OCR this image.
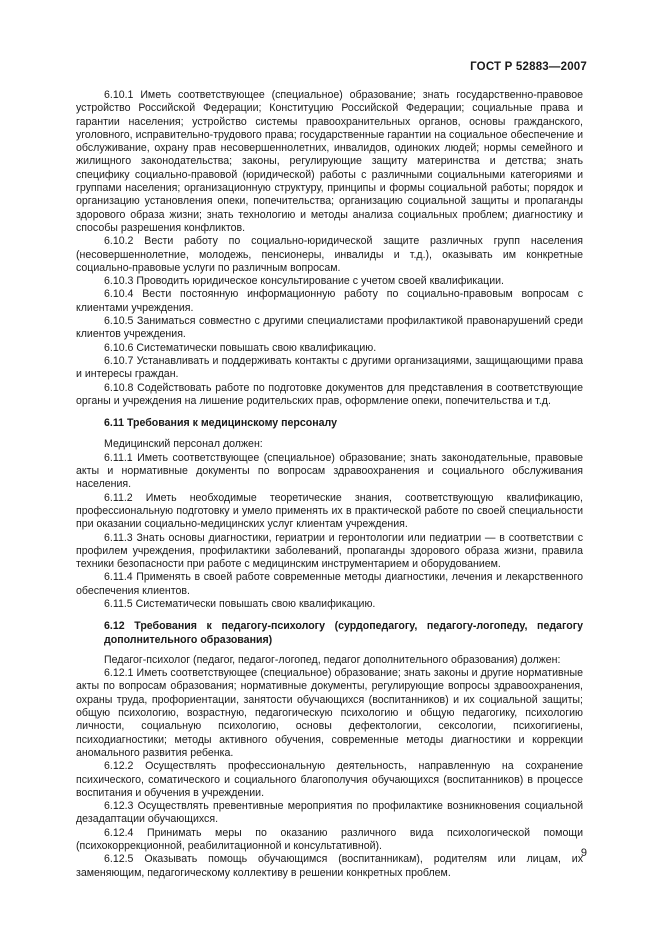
ГОСТ Р 52883—2007

6.10.1 Иметь соответствующее (специальное) образование; знать государственно-правовое устройство Российской Федерации; Конституцию Российской Федерации; социальные права и гарантии населения; устройство системы правоохранительных органов, основы гражданского, уголовного, исправительно-трудового права; государственные гарантии на социальное обеспечение и обслуживание, охрану прав несовершеннолетних, инвалидов, одиноких людей; нормы семейного и жилищного законодательства; законы, регулирующие защиту материнства и детства; знать специфику социально-правовой (юридической) работы с различными социальными категориями и группами населения; организационную структуру, принципы и формы социальной работы; порядок и организацию установления опеки, попечительства; организацию социальной защиты и пропаганды здорового образа жизни; знать технологию и методы анализа социальных проблем; диагностику и способы разрешения конфликтов.

6.10.2 Вести работу по социально-юридической защите различных групп населения (несовершеннолетние, молодежь, пенсионеры, инвалиды и т.д.), оказывать им конкретные социально-правовые услуги по различным вопросам.

6.10.3 Проводить юридическое консультирование с учетом своей квалификации.

6.10.4 Вести постоянную информационную работу по социально-правовым вопросам с клиентами учреждения.

6.10.5 Заниматься совместно с другими специалистами профилактикой правонарушений среди клиентов учреждения.

6.10.6 Систематически повышать свою квалификацию.

6.10.7 Устанавливать и поддерживать контакты с другими организациями, защищающими права и интересы граждан.

6.10.8 Содействовать работе по подготовке документов для представления в соответствующие органы и учреждения на лишение родительских прав, оформление опеки, попечительства и т.д.

6.11 Требования к медицинскому персоналу

Медицинский персонал должен:

6.11.1 Иметь соответствующее (специальное) образование; знать законодательные, правовые акты и нормативные документы по вопросам здравоохранения и социального обслуживания населения.

6.11.2 Иметь необходимые теоретические знания, соответствующую квалификацию, профессиональную подготовку и умело применять их в практической работе по своей специальности при оказании социально-медицинских услуг клиентам учреждения.

6.11.3 Знать основы диагностики, гериатрии и геронтологии или педиатрии — в соответствии с профилем учреждения, профилактики заболеваний, пропаганды здорового образа жизни, правила техники безопасности при работе с медицинским инструментарием и оборудованием.

6.11.4 Применять в своей работе современные методы диагностики, лечения и лекарственного обеспечения клиентов.

6.11.5 Систематически повышать свою квалификацию.

6.12 Требования к педагогу-психологу (сурдопедагогу, педагогу-логопеду, педагогу дополнительного образования)

Педагог-психолог (педагог, педагог-логопед, педагог дополнительного образования) должен:

6.12.1 Иметь соответствующее (специальное) образование; знать законы и другие нормативные акты по вопросам образования; нормативные документы, регулирующие вопросы здравоохранения, охраны труда, профориентации, занятости обучающихся (воспитанников) и их социальной защиты; общую психологию, возрастную, педагогическую психологию и общую педагогику, психологию личности, социальную психологию, основы дефектологии, сексологии, психогигиены, психодиагностики; методы активного обучения, современные методы диагностики и коррекции аномального развития ребенка.

6.12.2 Осуществлять профессиональную деятельность, направленную на сохранение психического, соматического и социального благополучия обучающихся (воспитанников) в процессе воспитания и обучения в учреждении.

6.12.3 Осуществлять превентивные мероприятия по профилактике возникновения социальной дезадаптации обучающихся.

6.12.4 Принимать меры по оказанию различного вида психологической помощи (психокоррекционной, реабилитационной и консультативной).

6.12.5 Оказывать помощь обучающимся (воспитанникам), родителям или лицам, их заменяющим, педагогическому коллективу в решении конкретных проблем.

9
